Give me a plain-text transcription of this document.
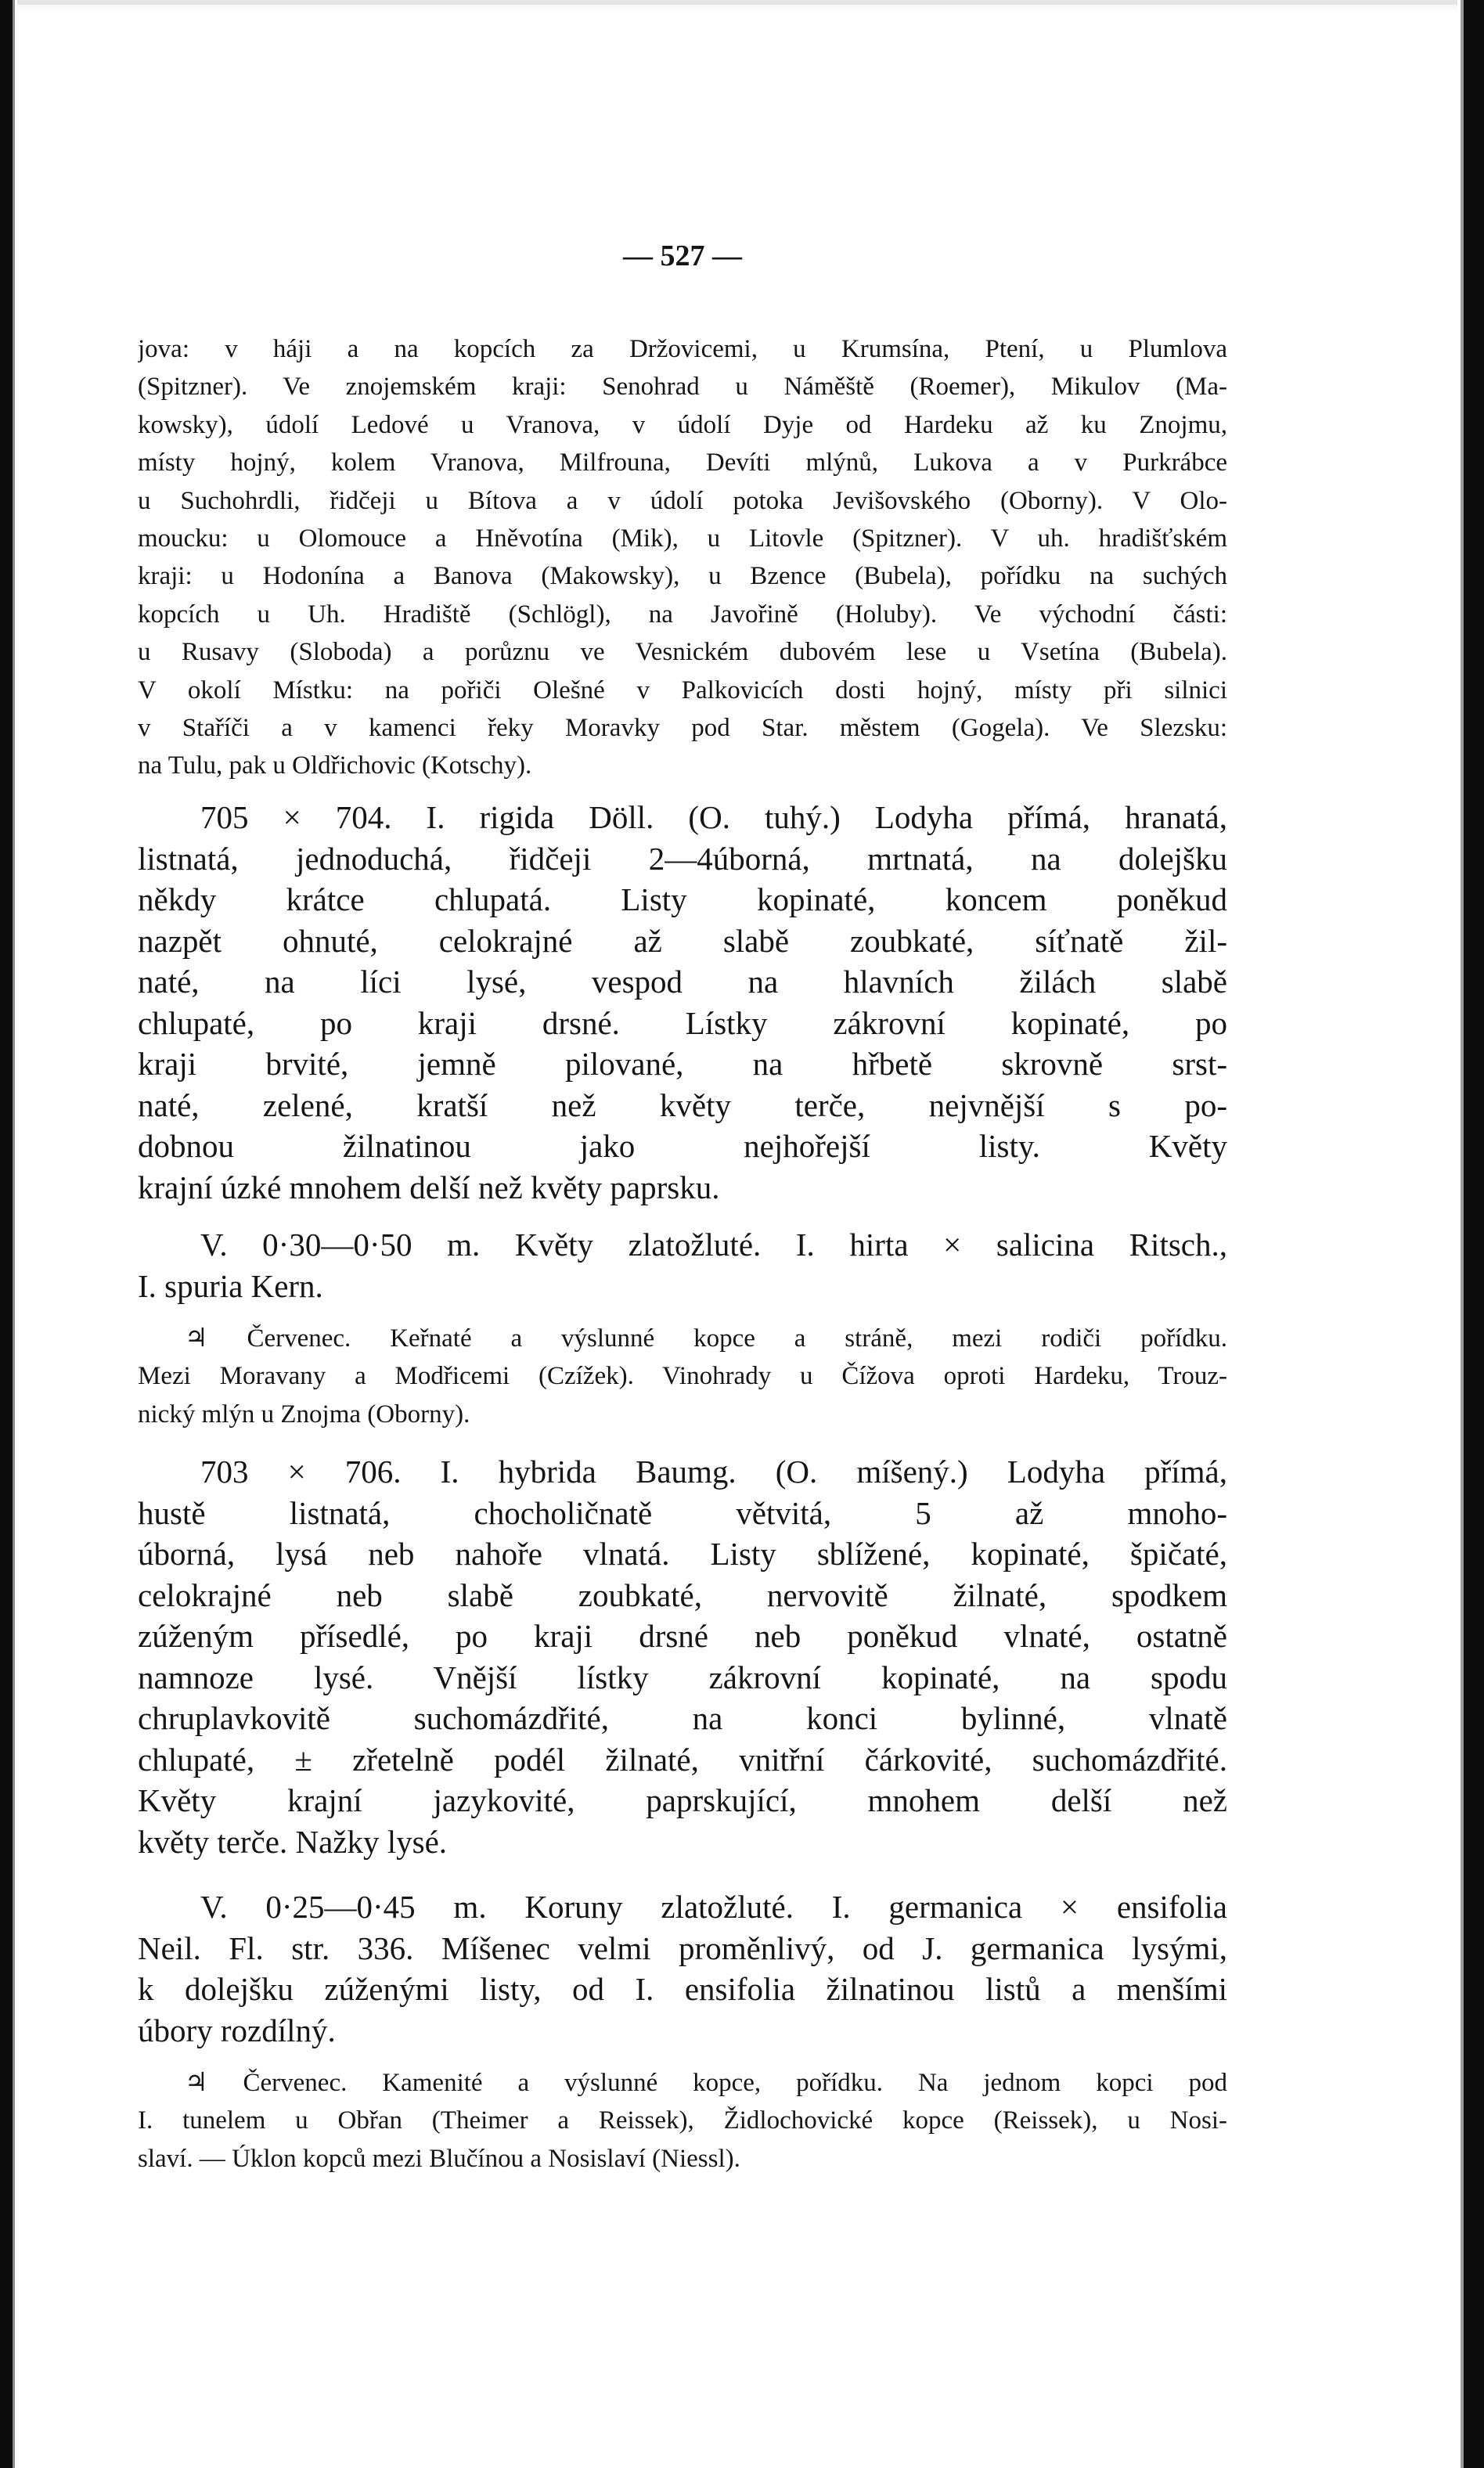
— 527 —
jova: v háji a na kopcích za Držovicemi, u Krumsína, Ptení, u Plumlova
(Spitzner). Ve znojemském kraji: Senohrad u Náměště (Roemer), Mikulov (Ma-
kowsky), údolí Ledové u Vranova, v údolí Dyje od Hardeku až ku Znojmu,
místy hojný, kolem Vranova, Milfrouna, Devíti mlýnů, Lukova a v Purkrábce
u Suchohrdli, řidčeji u Bítova a v údolí potoka Jevišovského (Oborny). V Olo-
moucku: u Olomouce a Hněvotína (Mik), u Litovle (Spitzner). V uh. hradišťském
kraji: u Hodonína a Banova (Makowsky), u Bzence (Bubela), pořídku na suchých
kopcích u Uh. Hradiště (Schlögl), na Javořině (Holuby). Ve východní části:
u Rusavy (Sloboda) a porůznu ve Vesnickém dubovém lese u Vsetína (Bubela).
V okolí Místku: na pořiči Olešné v Palkovicích dosti hojný, místy při silnici
v Staříči a v kamenci řeky Moravky pod Star. městem (Gogela). Ve Slezsku:
na Tulu, pak u Oldřichovic (Kotschy).
705 × 704. I. rigida Döll. (O. tuhý.) Lodyha přímá, hranatá,
listnatá, jednoduchá, řidčeji 2—4úborná, mrtnatá, na dolejšku
někdy krátce chlupatá. Listy kopinaté, koncem poněkud
nazpět ohnuté, celokrajné až slabě zoubkaté, síťnatě žil-
naté, na líci lysé, vespod na hlavních žilách slabě
chlupaté, po kraji drsné. Lístky zákrovní kopinaté, po
kraji brvité, jemně pilované, na hřbetě skrovně srst-
naté, zelené, kratší než květy terče, nejvnější s po-
dobnou žilnatinou jako nejhořejší listy. Květy
krajní úzké mnohem delší než květy paprsku.
V. 0·30—0·50 m. Květy zlatožluté. I. hirta × salicina Ritsch.,
I. spuria Kern.
♃ Červenec. Keřnaté a výslunné kopce a stráně, mezi rodiči pořídku.
Mezi Moravany a Modřicemi (Czížek). Vinohrady u Čížova oproti Hardeku, Trouz-
nický mlýn u Znojma (Oborny).
703 × 706. I. hybrida Baumg. (O. míšený.) Lodyha přímá,
hustě listnatá, chocholičnatě větvitá, 5 až mnoho-
úborná, lysá neb nahoře vlnatá. Listy sblížené, kopinaté, špičaté,
celokrajné neb slabě zoubkaté, nervovitě žilnaté, spodkem
zúženým přísedlé, po kraji drsné neb poněkud vlnaté, ostatně
namnoze lysé. Vnější lístky zákrovní kopinaté, na spodu
chruplavkovitě suchomázdřité, na konci bylinné, vlnatě
chlupaté, ± zřetelně podél žilnaté, vnitřní čárkovité, suchomázdřité.
Květy krajní jazykovité, paprskující, mnohem delší než
květy terče. Nažky lysé.
V. 0·25—0·45 m. Koruny zlatožluté. I. germanica × ensifolia
Neil. Fl. str. 336. Míšenec velmi proměnlivý, od J. germanica lysými,
k dolejšku zúženými listy, od I. ensifolia žilnatinou listů a menšími
úbory rozdílný.
♃ Červenec. Kamenité a výslunné kopce, pořídku. Na jednom kopci pod
I. tunelem u Obřan (Theimer a Reissek), Židlochovické kopce (Reissek), u Nosi-
slaví. — Úklon kopců mezi Blučínou a Nosislaví (Niessl).
